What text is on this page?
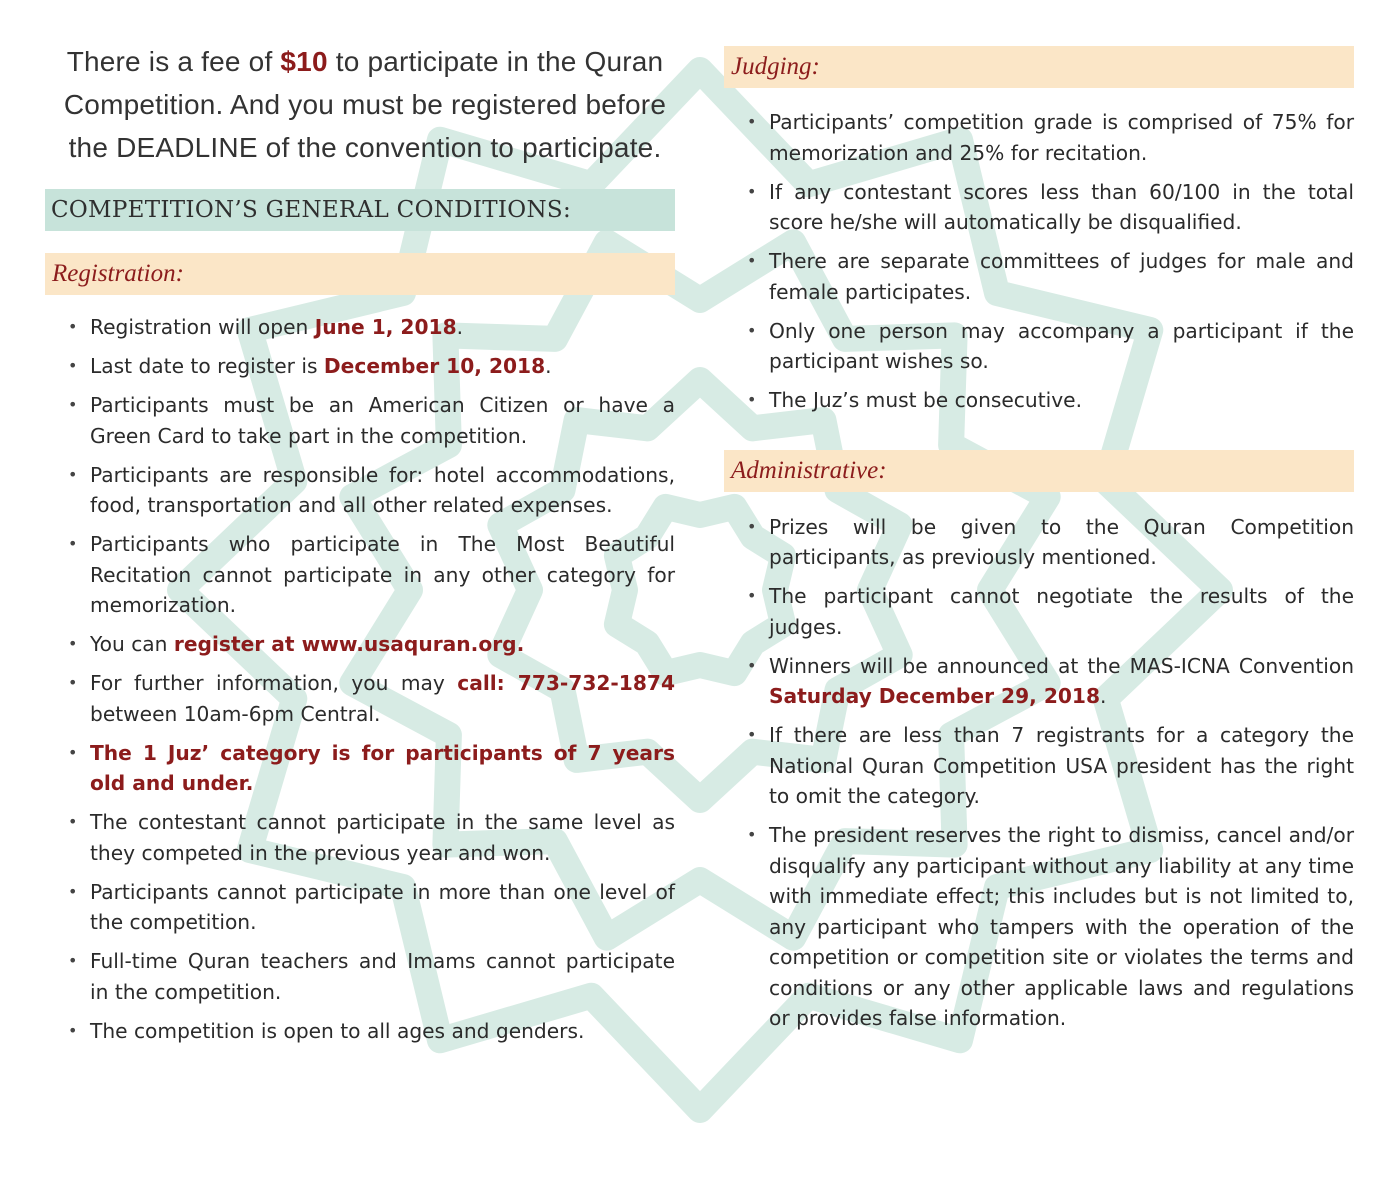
There is a fee of $10 to participate in the Quran Competition. And you must be registered before the DEADLINE of the convention to participate.
COMPETITION’S GENERAL CONDITIONS:
Registration:
• Registration will open June 1, 2018.
• Last date to register is December 10, 2018.
• Participants must be an American Citizen or have a Green Card to take part in the competition.
• Participants are responsible for: hotel accommodations, food, transportation and all other related expenses.
• Participants who participate in The Most Beautiful Recitation cannot participate in any other category for memorization.
• You can register at www.usaquran.org.
• For further information, you may call: 773-732-1874 between 10am-6pm Central.
• The 1 Juz’ category is for participants of 7 years old and under.
• The contestant cannot participate in the same level as they competed in the previous year and won.
• Participants cannot participate in more than one level of the competition.
• Full-time Quran teachers and Imams cannot participate in the competition.
• The competition is open to all ages and genders.
Judging:
• Participants’ competition grade is comprised of 75% for memorization and 25% for recitation.
• If any contestant scores less than 60/100 in the total score he/she will automatically be disqualified.
• There are separate committees of judges for male and female participates.
• Only one person may accompany a participant if the participant wishes so.
• The Juz’s must be consecutive.
Administrative:
• Prizes will be given to the Quran Competition participants, as previously mentioned.
• The participant cannot negotiate the results of the judges.
• Winners will be announced at the MAS-ICNA Convention Saturday December 29, 2018.
• If there are less than 7 registrants for a category the National Quran Competition USA president has the right to omit the category.
• The president reserves the right to dismiss, cancel and/or disqualify any participant without any liability at any time with immediate effect; this includes but is not limited to, any participant who tampers with the operation of the competition or competition site or violates the terms and conditions or any other applicable laws and regulations or provides false information.
